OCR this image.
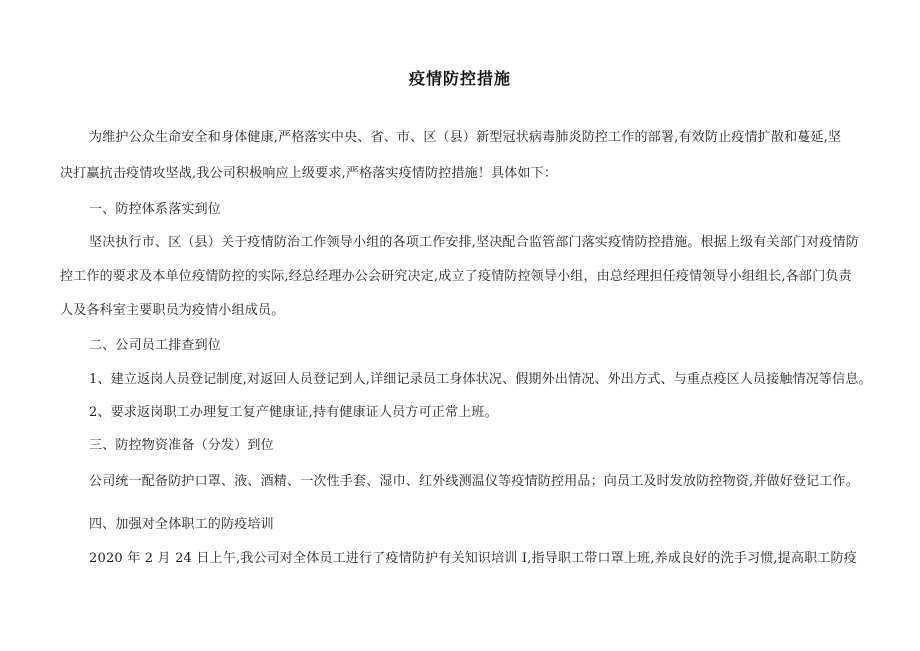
疫情防控措施
为维护公众生命安全和身体健康,严格落实中央、省、市、区（县）新型冠状病毒肺炎防控工作的部署,有效防止疫情扩散和蔓延,坚
决打赢抗击疫情攻坚战,我公司积极响应上级要求,严格落实疫情防控措施！具体如下：
一、防控体系落实到位
坚决执行市、区（县）关于疫情防治工作领导小组的各项工作安排,坚决配合监管部门落实疫情防控措施。根据上级有关部门对疫情防
控工作的要求及本单位疫情防控的实际,经总经理办公会研究决定,成立了疫情防控领导小组，由总经理担任疫情领导小组组长,各部门负责
人及各科室主要职员为疫情小组成员。
二、公司员工排查到位
1、建立返岗人员登记制度,对返回人员登记到人,详细记录员工身体状况、假期外出情况、外出方式、与重点疫区人员接触情况等信息。
2、要求返岗职工办理复工复产健康证,持有健康证人员方可正常上班。
三、防控物资准备（分发）到位
公司统一配备防护口罩、液、酒精、一次性手套、湿巾、红外线测温仪等疫情防控用品；向员工及时发放防控物资,并做好登记工作。
四、加强对全体职工的防疫培训
2020 年 2 月 24 日上午,我公司对全体员工进行了疫情防护有关知识培训 I,指导职工带口罩上班,养成良好的洗手习惯,提高职工防疫
